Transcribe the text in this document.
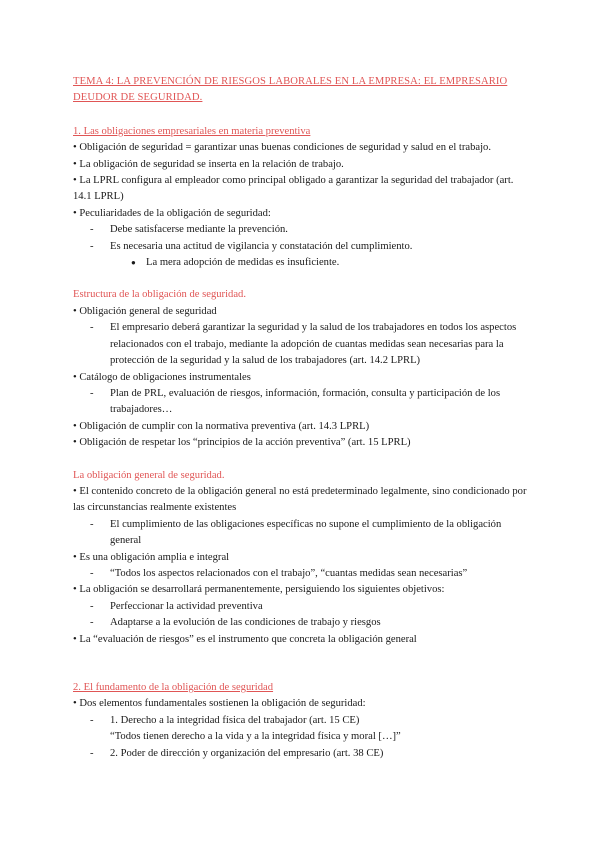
TEMA 4: LA PREVENCIÓN DE RIESGOS LABORALES EN LA EMPRESA: EL EMPRESARIO DEUDOR DE SEGURIDAD.

1. Las obligaciones empresariales en materia preventiva

• Obligación de seguridad = garantizar unas buenas condiciones de seguridad y salud en el trabajo.

• La obligación de seguridad se inserta en la relación de trabajo.

• La LPRL configura al empleador como principal obligado a garantizar la seguridad del trabajador (art. 14.1 LPRL)

• Peculiaridades de la obligación de seguridad:

- Debe satisfacerse mediante la prevención.

- Es necesaria una actitud de vigilancia y constatación del cumplimiento.

● La mera adopción de medidas es insuficiente.

Estructura de la obligación de seguridad.

• Obligación general de seguridad

- El empresario deberá garantizar la seguridad y la salud de los trabajadores en todos los aspectos relacionados con el trabajo, mediante la adopción de cuantas medidas sean necesarias para la protección de la seguridad y la salud de los trabajadores (art. 14.2 LPRL)

• Catálogo de obligaciones instrumentales

- Plan de PRL, evaluación de riesgos, información, formación, consulta y participación de los trabajadores…

• Obligación de cumplir con la normativa preventiva (art. 14.3 LPRL)

• Obligación de respetar los “principios de la acción preventiva” (art. 15 LPRL)

La obligación general de seguridad.

• El contenido concreto de la obligación general no está predeterminado legalmente, sino condicionado por las circunstancias realmente existentes

- El cumplimiento de las obligaciones específicas no supone el cumplimiento de la obligación general

• Es una obligación amplia e integral

- “Todos los aspectos relacionados con el trabajo”, “cuantas medidas sean necesarias”

• La obligación se desarrollará permanentemente, persiguiendo los siguientes objetivos:

- Perfeccionar la actividad preventiva

- Adaptarse a la evolución de las condiciones de trabajo y riesgos

• La “evaluación de riesgos” es el instrumento que concreta la obligación general

2. El fundamento de la obligación de seguridad

• Dos elementos fundamentales sostienen la obligación de seguridad:

- 1. Derecho a la integridad física del trabajador (art. 15 CE)

“Todos tienen derecho a la vida y a la integridad física y moral […]”

- 2. Poder de dirección y organización del empresario (art. 38 CE)
